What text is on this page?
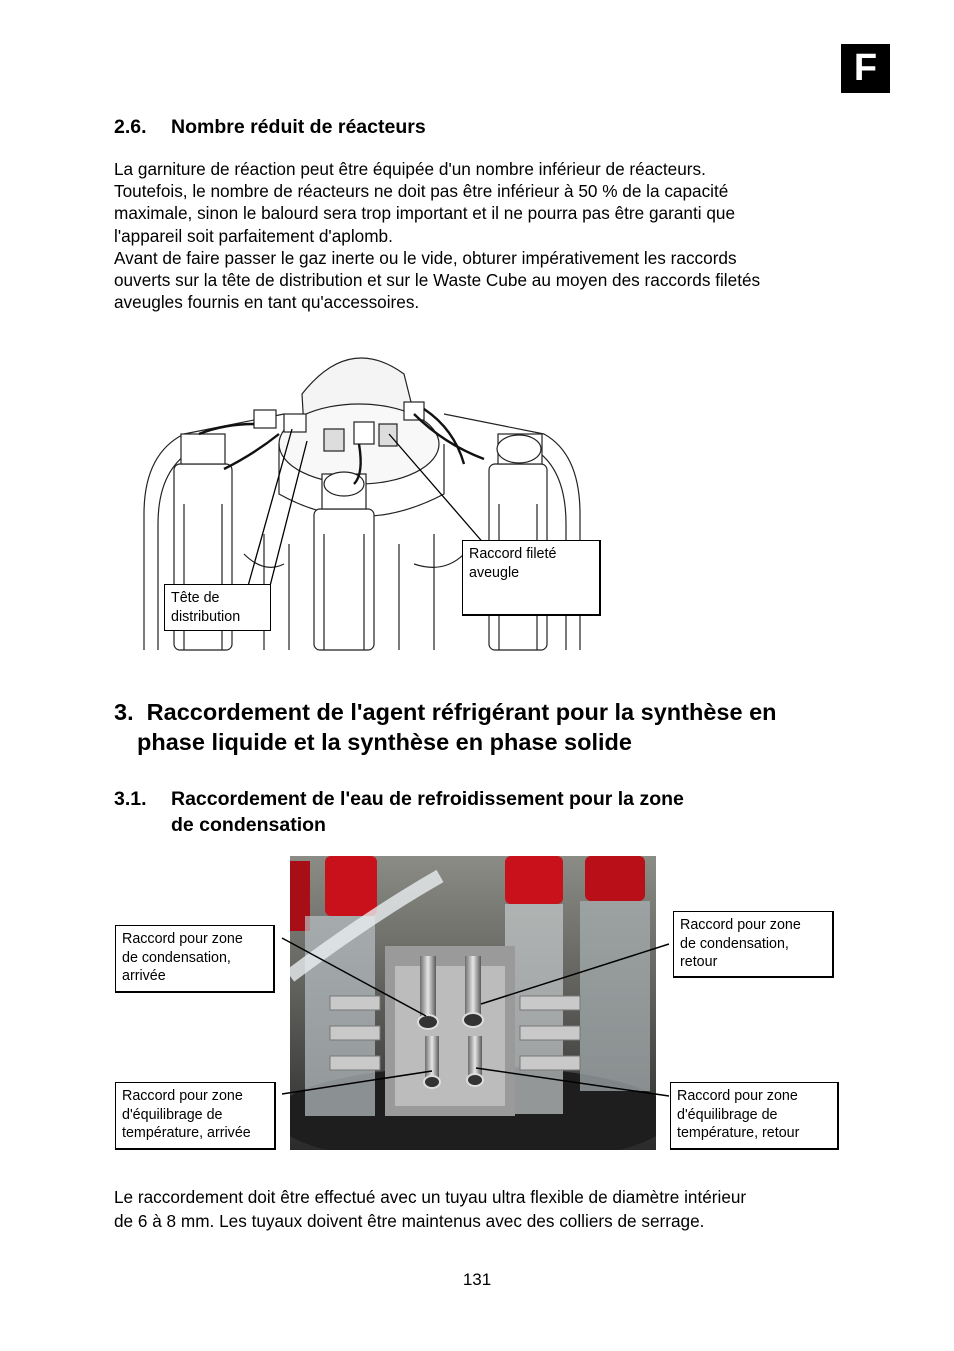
F
2.6. Nombre réduit de réacteurs
La garniture de réaction peut être équipée d'un nombre inférieur de réacteurs.
Toutefois, le nombre de réacteurs ne doit pas être inférieur à 50 % de la capacité
maximale, sinon le balourd sera trop important et il ne pourra pas être garanti que
l'appareil soit parfaitement d'aplomb.
Avant de faire passer le gaz inerte ou le vide, obturer impérativement les raccords
ouverts sur la tête de distribution et sur le Waste Cube au moyen des raccords filetés
aveugles fournis en tant qu'accessoires.
Tête de
distribution
Raccord fileté
aveugle
3. Raccordement de l'agent réfrigérant pour la synthèse en
phase liquide et la synthèse en phase solide
3.1. Raccordement de l'eau de refroidissement pour la zone
de condensation
Raccord pour zone
de condensation,
arrivée
Raccord pour zone
de condensation,
retour
Raccord pour zone
d'équilibrage de
température, arrivée
Raccord pour zone
d'équilibrage de
température, retour
Le raccordement doit être effectué avec un tuyau ultra flexible de diamètre intérieur
de 6 à 8 mm. Les tuyaux doivent être maintenus avec des colliers de serrage.
131
